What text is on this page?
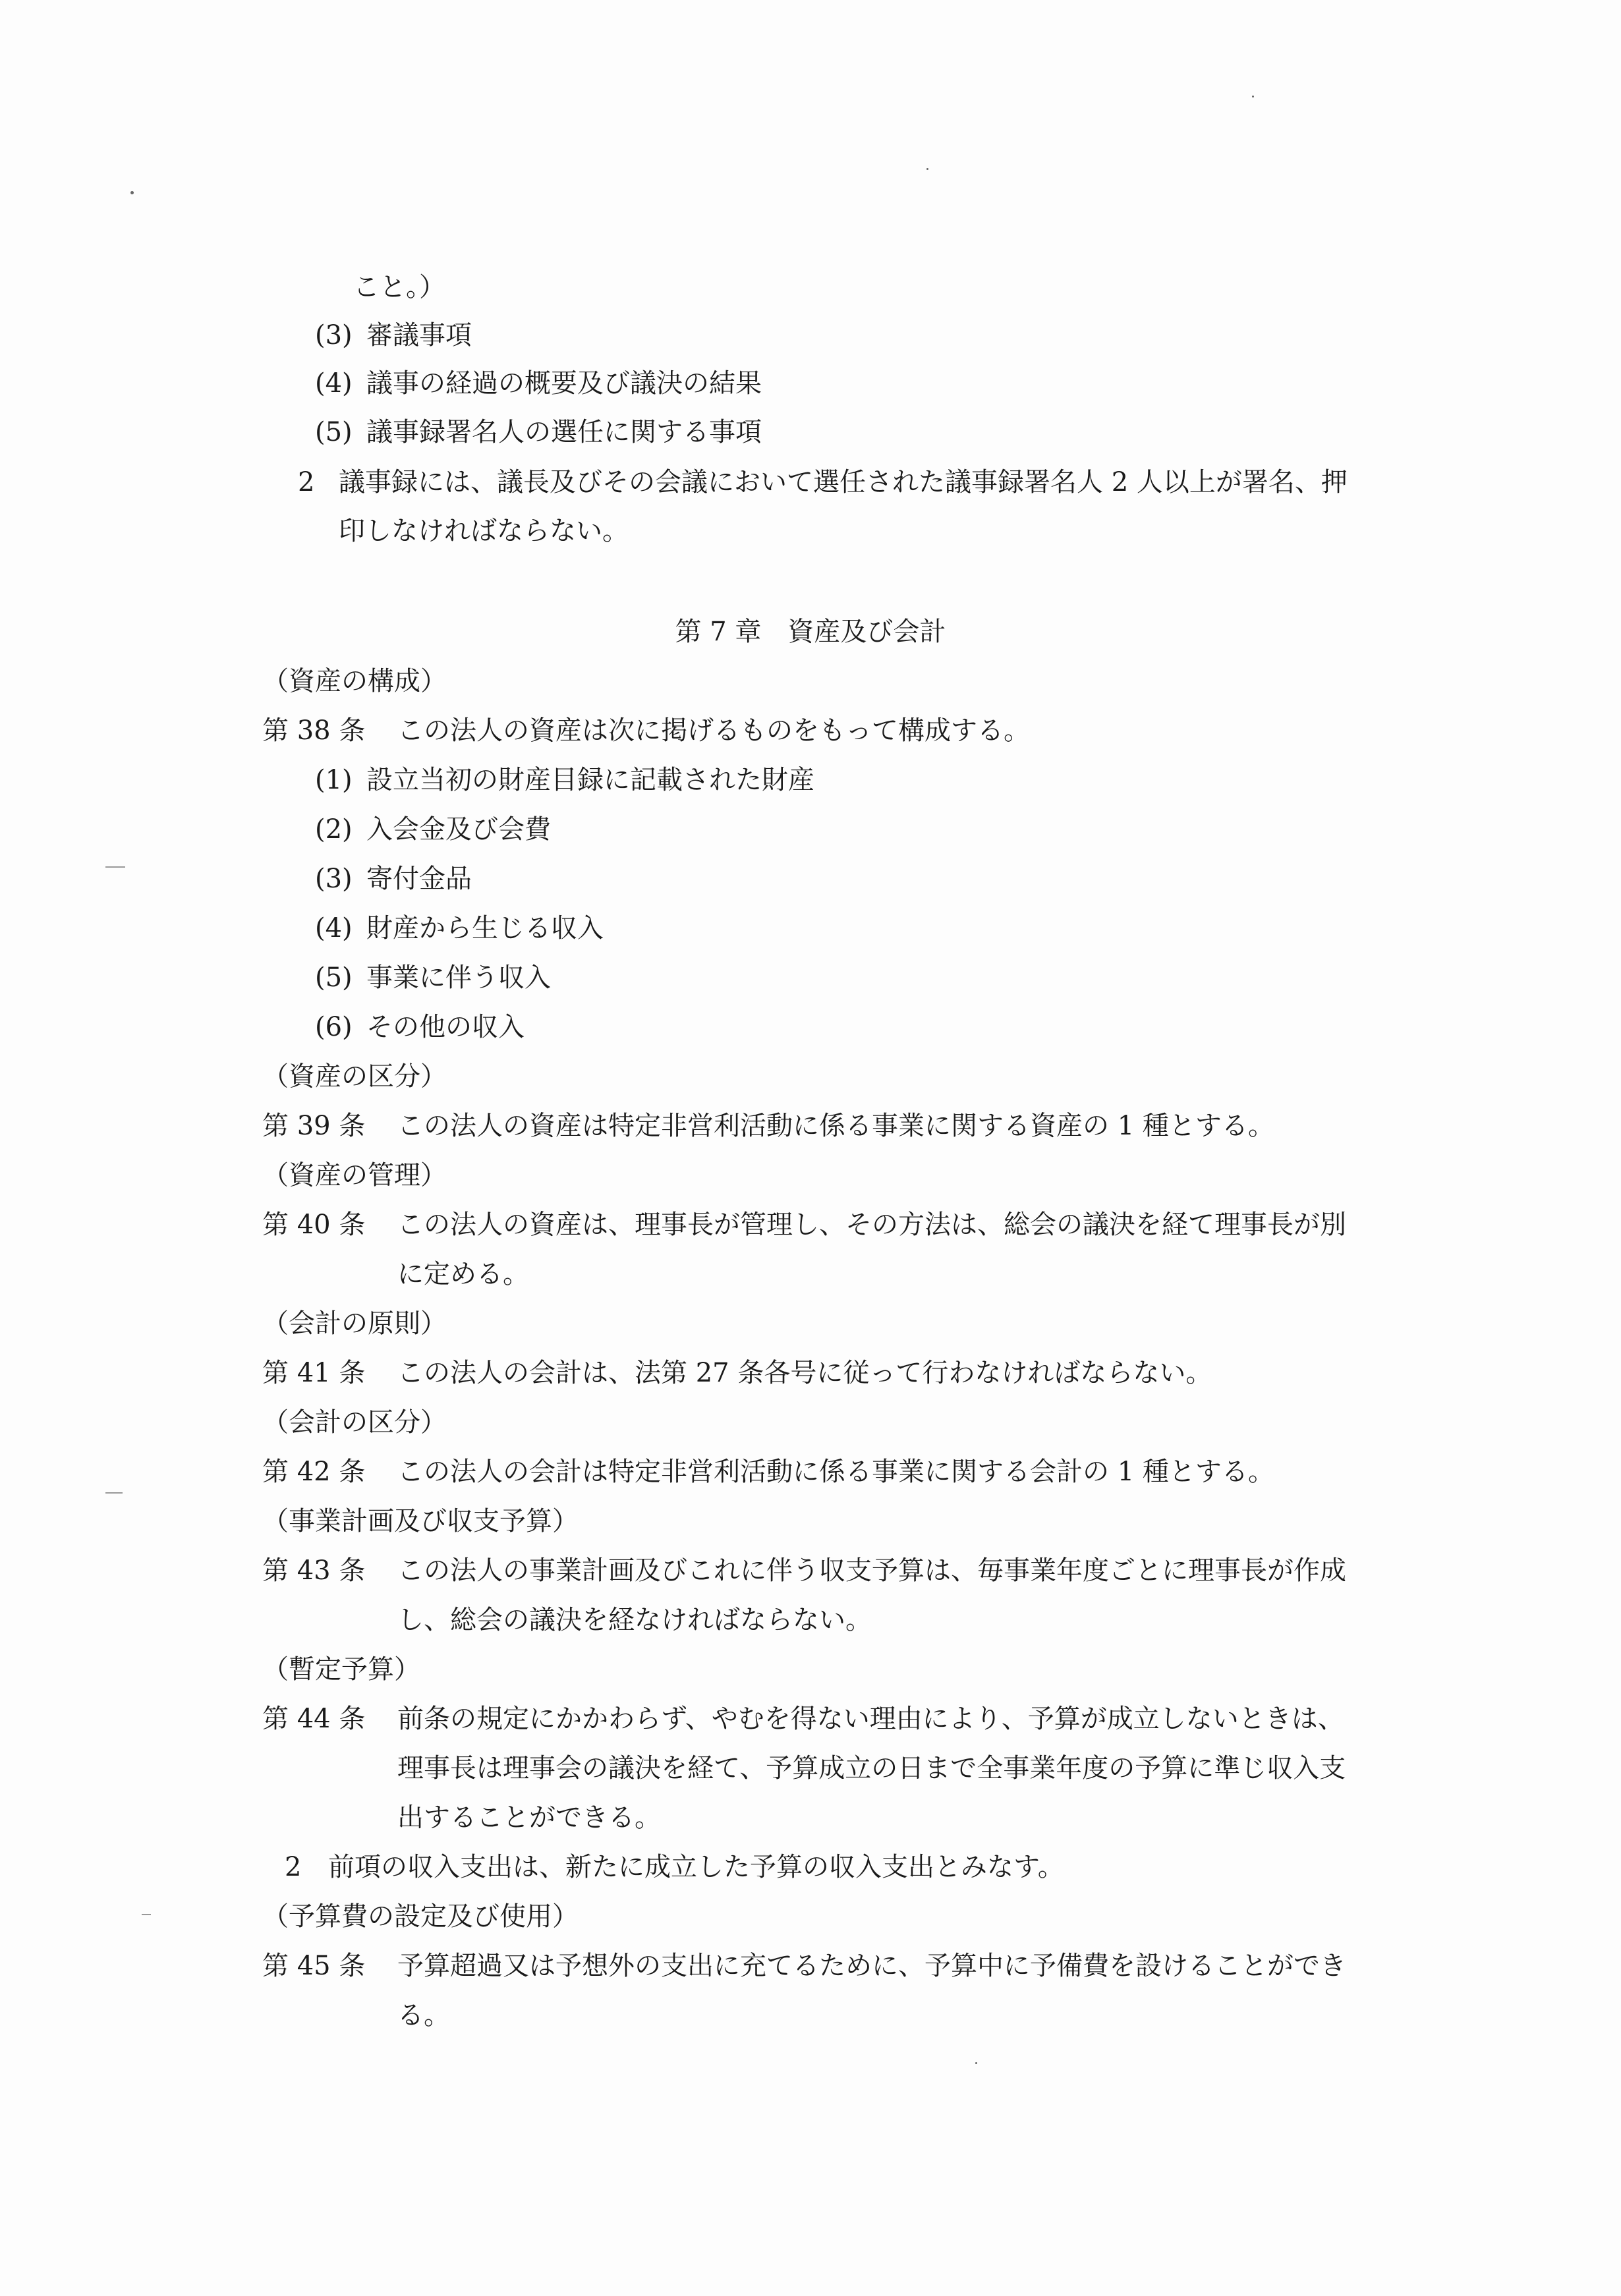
こと。）
(3) 審議事項
(4) 議事の経過の概要及び議決の結果
(5) 議事録署名人の選任に関する事項
2 議事録には、議長及びその会議において選任された議事録署名人 2 人以上が署名、押
印しなければならない。
第 7 章　資産及び会計
（資産の構成）
第 38 条 この法人の資産は次に掲げるものをもって構成する。
(1) 設立当初の財産目録に記載された財産
(2) 入会金及び会費
(3) 寄付金品
(4) 財産から生じる収入
(5) 事業に伴う収入
(6) その他の収入
（資産の区分）
第 39 条 この法人の資産は特定非営利活動に係る事業に関する資産の 1 種とする。
（資産の管理）
第 40 条 この法人の資産は、理事長が管理し、その方法は、総会の議決を経て理事長が別
に定める。
（会計の原則）
第 41 条 この法人の会計は、法第 27 条各号に従って行わなければならない。
（会計の区分）
第 42 条 この法人の会計は特定非営利活動に係る事業に関する会計の 1 種とする。
（事業計画及び収支予算）
第 43 条 この法人の事業計画及びこれに伴う収支予算は、毎事業年度ごとに理事長が作成
し、総会の議決を経なければならない。
（暫定予算）
第 44 条 前条の規定にかかわらず、やむを得ない理由により、予算が成立しないときは、
理事長は理事会の議決を経て、予算成立の日まで全事業年度の予算に準じ収入支
出することができる。
2 前項の収入支出は、新たに成立した予算の収入支出とみなす。
（予算費の設定及び使用）
第 45 条 予算超過又は予想外の支出に充てるために、予算中に予備費を設けることができ
る。
